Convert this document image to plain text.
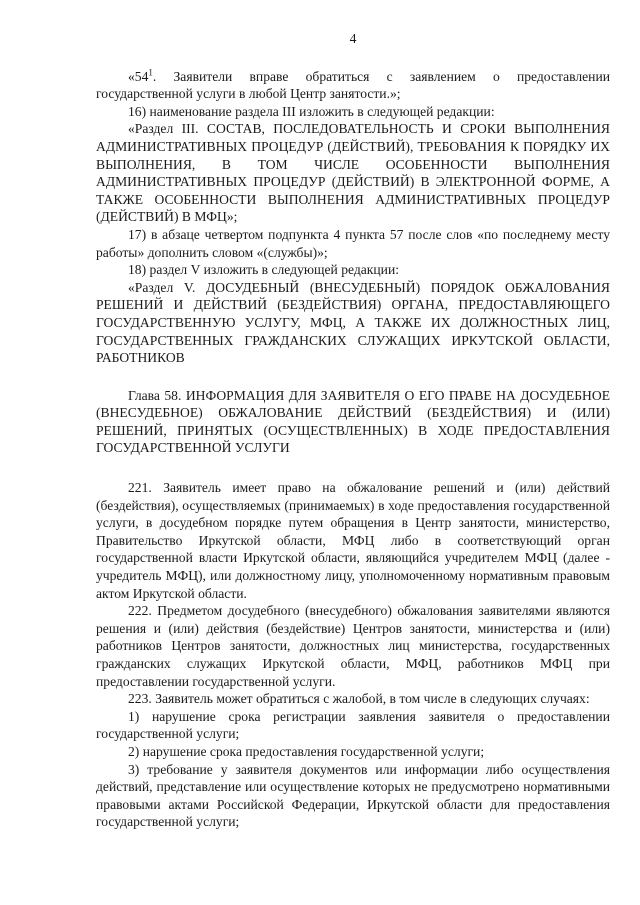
4

«$54^1$. Заявители вправе обратиться с заявлением о предоставлении государственной услуги в любой Центр занятости.»;

16) наименование раздела III изложить в следующей редакции:

«Раздел III. СОСТАВ, ПОСЛЕДОВАТЕЛЬНОСТЬ И СРОКИ ВЫПОЛНЕНИЯ АДМИНИСТРАТИВНЫХ ПРОЦЕДУР (ДЕЙСТВИЙ), ТРЕБОВАНИЯ К ПОРЯДКУ ИХ ВЫПОЛНЕНИЯ, В ТОМ ЧИСЛЕ ОСОБЕННОСТИ ВЫПОЛНЕНИЯ АДМИНИСТРАТИВНЫХ ПРОЦЕДУР (ДЕЙСТВИЙ) В ЭЛЕКТРОННОЙ ФОРМЕ, А ТАКЖЕ ОСОБЕННОСТИ ВЫПОЛНЕНИЯ АДМИНИСТРАТИВНЫХ ПРОЦЕДУР (ДЕЙСТВИЙ) В МФЦ»;

17) в абзаце четвертом подпункта 4 пункта 57 после слов «по последнему месту работы» дополнить словом «(службы)»;

18) раздел V изложить в следующей редакции:

«Раздел V. ДОСУДЕБНЫЙ (ВНЕСУДЕБНЫЙ) ПОРЯДОК ОБЖАЛОВАНИЯ РЕШЕНИЙ И ДЕЙСТВИЙ (БЕЗДЕЙСТВИЯ) ОРГАНА, ПРЕДОСТАВЛЯЮЩЕГО ГОСУДАРСТВЕННУЮ УСЛУГУ, МФЦ, А ТАКЖЕ ИХ ДОЛЖНОСТНЫХ ЛИЦ, ГОСУДАРСТВЕННЫХ ГРАЖДАНСКИХ СЛУЖАЩИХ ИРКУТСКОЙ ОБЛАСТИ, РАБОТНИКОВ

Глава 58. ИНФОРМАЦИЯ ДЛЯ ЗАЯВИТЕЛЯ О ЕГО ПРАВЕ НА ДОСУДЕБНОЕ (ВНЕСУДЕБНОЕ) ОБЖАЛОВАНИЕ ДЕЙСТВИЙ (БЕЗДЕЙСТВИЯ) И (ИЛИ) РЕШЕНИЙ, ПРИНЯТЫХ (ОСУЩЕСТВЛЕННЫХ) В ХОДЕ ПРЕДОСТАВЛЕНИЯ ГОСУДАРСТВЕННОЙ УСЛУГИ

221. Заявитель имеет право на обжалование решений и (или) действий (бездействия), осуществляемых (принимаемых) в ходе предоставления государственной услуги, в досудебном порядке путем обращения в Центр занятости, министерство, Правительство Иркутской области, МФЦ либо в соответствующий орган государственной власти Иркутской области, являющийся учредителем МФЦ (далее - учредитель МФЦ), или должностному лицу, уполномоченному нормативным правовым актом Иркутской области.

222. Предметом досудебного (внесудебного) обжалования заявителями являются решения и (или) действия (бездействие) Центров занятости, министерства и (или) работников Центров занятости, должностных лиц министерства, государственных гражданских служащих Иркутской области, МФЦ, работников МФЦ при предоставлении государственной услуги.

223. Заявитель может обратиться с жалобой, в том числе в следующих случаях:

1) нарушение срока регистрации заявления заявителя о предоставлении государственной услуги;

2) нарушение срока предоставления государственной услуги;

3) требование у заявителя документов или информации либо осуществления действий, представление или осуществление которых не предусмотрено нормативными правовыми актами Российской Федерации, Иркутской области для предоставления государственной услуги;
